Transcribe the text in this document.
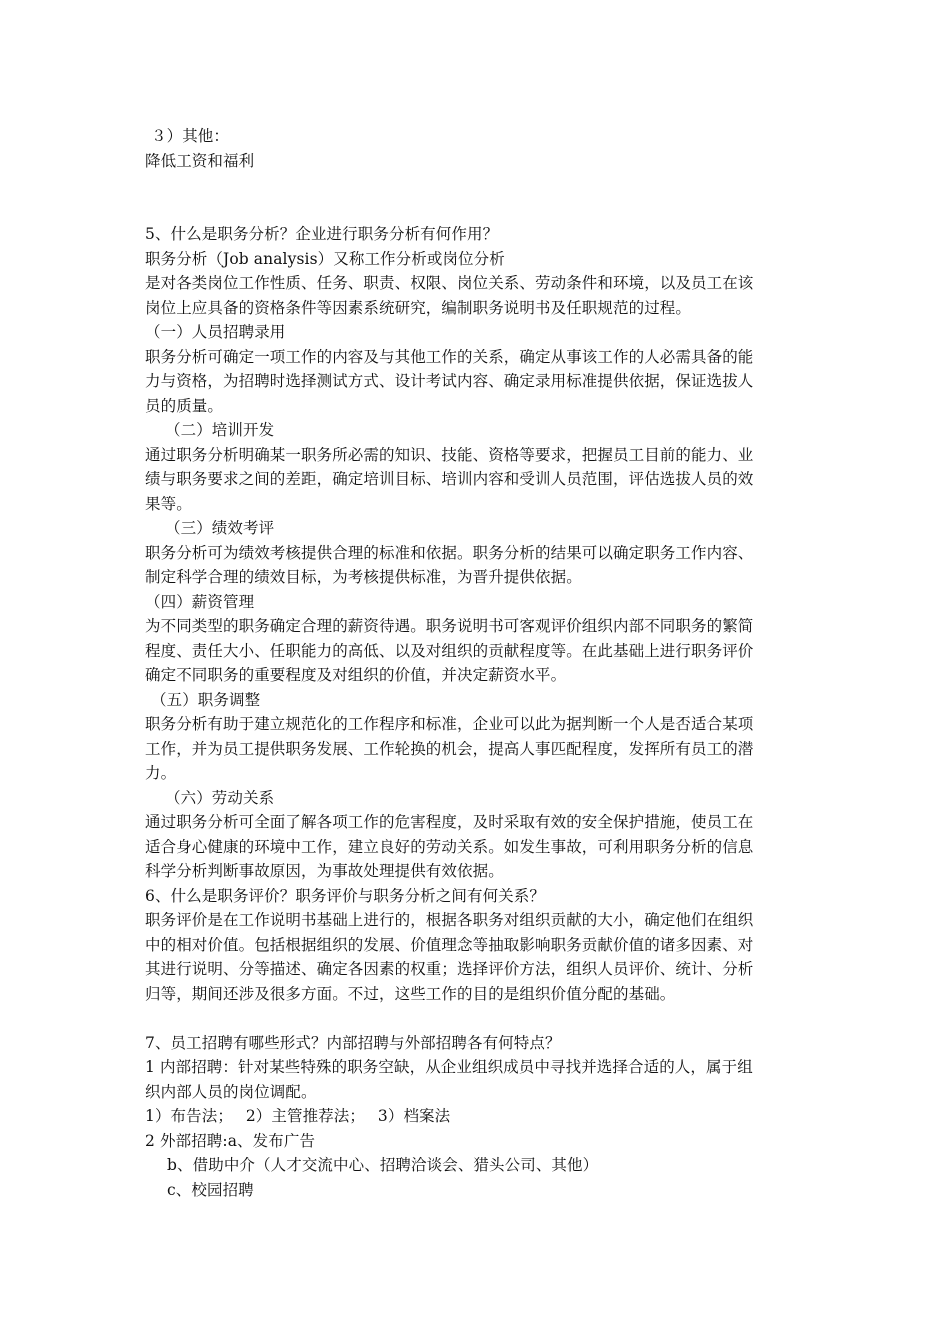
３）其他：
降低工资和福利
5、什么是职务分析？企业进行职务分析有何作用？
职务分析（Job analysis）又称工作分析或岗位分析
是对各类岗位工作性质、任务、职责、权限、岗位关系、劳动条件和环境，以及员工在该
岗位上应具备的资格条件等因素系统研究，编制职务说明书及任职规范的过程。
（一）人员招聘录用
职务分析可确定一项工作的内容及与其他工作的关系，确定从事该工作的人必需具备的能
力与资格，为招聘时选择测试方式、设计考试内容、确定录用标准提供依据，保证选拔人
员的质量。
（二）培训开发
通过职务分析明确某一职务所必需的知识、技能、资格等要求，把握员工目前的能力、业
绩与职务要求之间的差距，确定培训目标、培训内容和受训人员范围，评估选拔人员的效
果等。
（三）绩效考评
职务分析可为绩效考核提供合理的标准和依据。职务分析的结果可以确定职务工作内容、
制定科学合理的绩效目标，为考核提供标准，为晋升提供依据。
（四）薪资管理
为不同类型的职务确定合理的薪资待遇。职务说明书可客观评价组织内部不同职务的繁简
程度、责任大小、任职能力的高低、以及对组织的贡献程度等。在此基础上进行职务评价
确定不同职务的重要程度及对组织的价值，并决定薪资水平。
（五）职务调整
职务分析有助于建立规范化的工作程序和标准，企业可以此为据判断一个人是否适合某项
工作，并为员工提供职务发展、工作轮换的机会，提高人事匹配程度，发挥所有员工的潜
力。
（六）劳动关系
通过职务分析可全面了解各项工作的危害程度，及时采取有效的安全保护措施，使员工在
适合身心健康的环境中工作，建立良好的劳动关系。如发生事故，可利用职务分析的信息
科学分析判断事故原因，为事故处理提供有效依据。
6、什么是职务评价？职务评价与职务分析之间有何关系？
职务评价是在工作说明书基础上进行的，根据各职务对组织贡献的大小，确定他们在组织
中的相对价值。包括根据组织的发展、价值理念等抽取影响职务贡献价值的诸多因素、对
其进行说明、分等描述、确定各因素的权重；选择评价方法，组织人员评价、统计、分析
归等，期间还涉及很多方面。不过，这些工作的目的是组织价值分配的基础。
7、员工招聘有哪些形式？内部招聘与外部招聘各有何特点？
1 内部招聘：针对某些特殊的职务空缺，从企业组织成员中寻找并选择合适的人，属于组
织内部人员的岗位调配。
1）布告法；　 2）主管推荐法；　 3）档案法
2 外部招聘:a、发布广告
b、借助中介（人才交流中心、招聘洽谈会、猎头公司、其他）
c、校园招聘
